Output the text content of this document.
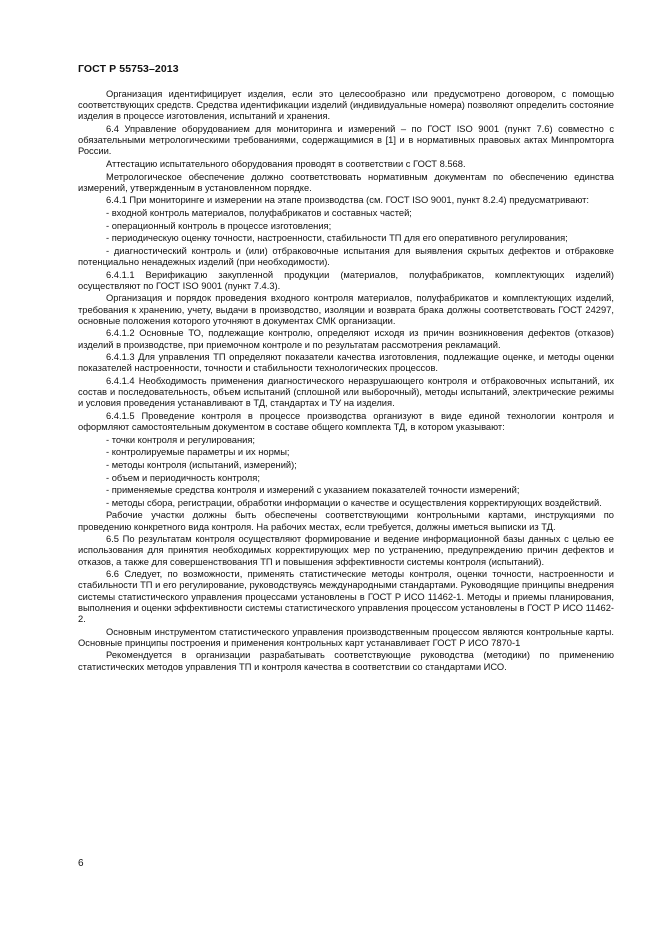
ГОСТ Р 55753–2013

Организация идентифицирует изделия, если это целесообразно или предусмотрено договором, с помощью соответствующих средств. Средства идентификации изделий (индивидуальные номера) позволяют определить состояние изделия в процессе изготовления, испытаний и хранения.

6.4 Управление оборудованием для мониторинга и измерений – по ГОСТ ISO 9001 (пункт 7.6) совместно с обязательными метрологическими требованиями, содержащимися в [1] и в нормативных правовых актах Минпромторга России.

Аттестацию испытательного оборудования проводят в соответствии с ГОСТ 8.568.

Метрологическое обеспечение должно соответствовать нормативным документам по обеспечению единства измерений, утвержденным в установленном порядке.

6.4.1 При мониторинге и измерении на этапе производства (см. ГОСТ ISO 9001, пункт 8.2.4) предусматривают:

- входной контроль материалов, полуфабрикатов и составных частей;

- операционный контроль в процессе изготовления;

- периодическую оценку точности, настроенности, стабильности ТП для его оперативного регулирования;

- диагностический контроль и (или) отбраковочные испытания для выявления скрытых дефектов и отбраковке потенциально ненадежных изделий (при необходимости).

6.4.1.1 Верификацию закупленной продукции (материалов, полуфабрикатов, комплектующих изделий) осуществляют по ГОСТ ISO 9001 (пункт 7.4.3).

Организация и порядок проведения входного контроля материалов, полуфабрикатов и комплектующих изделий, требования к хранению, учету, выдачи в производство, изоляции и возврата брака должны соответствовать ГОСТ 24297, основные положения которого уточняют в документах СМК организации.

6.4.1.2 Основные ТО, подлежащие контролю, определяют исходя из причин возникновения дефектов (отказов) изделий в производстве, при приемочном контроле и по результатам рассмотрения рекламаций.

6.4.1.3 Для управления ТП определяют показатели качества изготовления, подлежащие оценке, и методы оценки показателей настроенности, точности и стабильности технологических процессов.

6.4.1.4 Необходимость применения диагностического неразрушающего контроля и отбраковочных испытаний, их состав и последовательность, объем испытаний (сплошной или выборочный), методы испытаний, электрические режимы и условия проведения устанавливают в ТД, стандартах и ТУ на изделия.

6.4.1.5 Проведение контроля в процессе производства организуют в виде единой технологии контроля и оформляют самостоятельным документом в составе общего комплекта ТД, в котором указывают:

- точки контроля и регулирования;

- контролируемые параметры и их нормы;

- методы контроля (испытаний, измерений);

- объем и периодичность контроля;

- применяемые средства контроля и измерений с указанием показателей точности измерений;

- методы сбора, регистрации, обработки информации о качестве и осуществления корректирующих воздействий.

Рабочие участки должны быть обеспечены соответствующими контрольными картами, инструкциями по проведению конкретного вида контроля. На рабочих местах, если требуется, должны иметься выписки из ТД.

6.5 По результатам контроля осуществляют формирование и ведение информационной базы данных с целью ее использования для принятия необходимых корректирующих мер по устранению, предупреждению причин дефектов и отказов, а также для совершенствования ТП и повышения эффективности системы контроля (испытаний).

6.6 Следует, по возможности, применять статистические методы контроля, оценки точности, настроенности и стабильности ТП и его регулирование, руководствуясь международными стандартами. Руководящие принципы внедрения системы статистического управления процессами установлены в ГОСТ Р ИСО 11462-1. Методы и приемы планирования, выполнения и оценки эффективности системы статистического управления процессом установлены в ГОСТ Р ИСО 11462-2.

Основным инструментом статистического управления производственным процессом являются контрольные карты. Основные принципы построения и применения контрольных карт устанавливает ГОСТ Р ИСО 7870-1

Рекомендуется в организации разрабатывать соответствующие руководства (методики) по применению статистических методов управления ТП и контроля качества в соответствии со стандартами ИСО.

6
